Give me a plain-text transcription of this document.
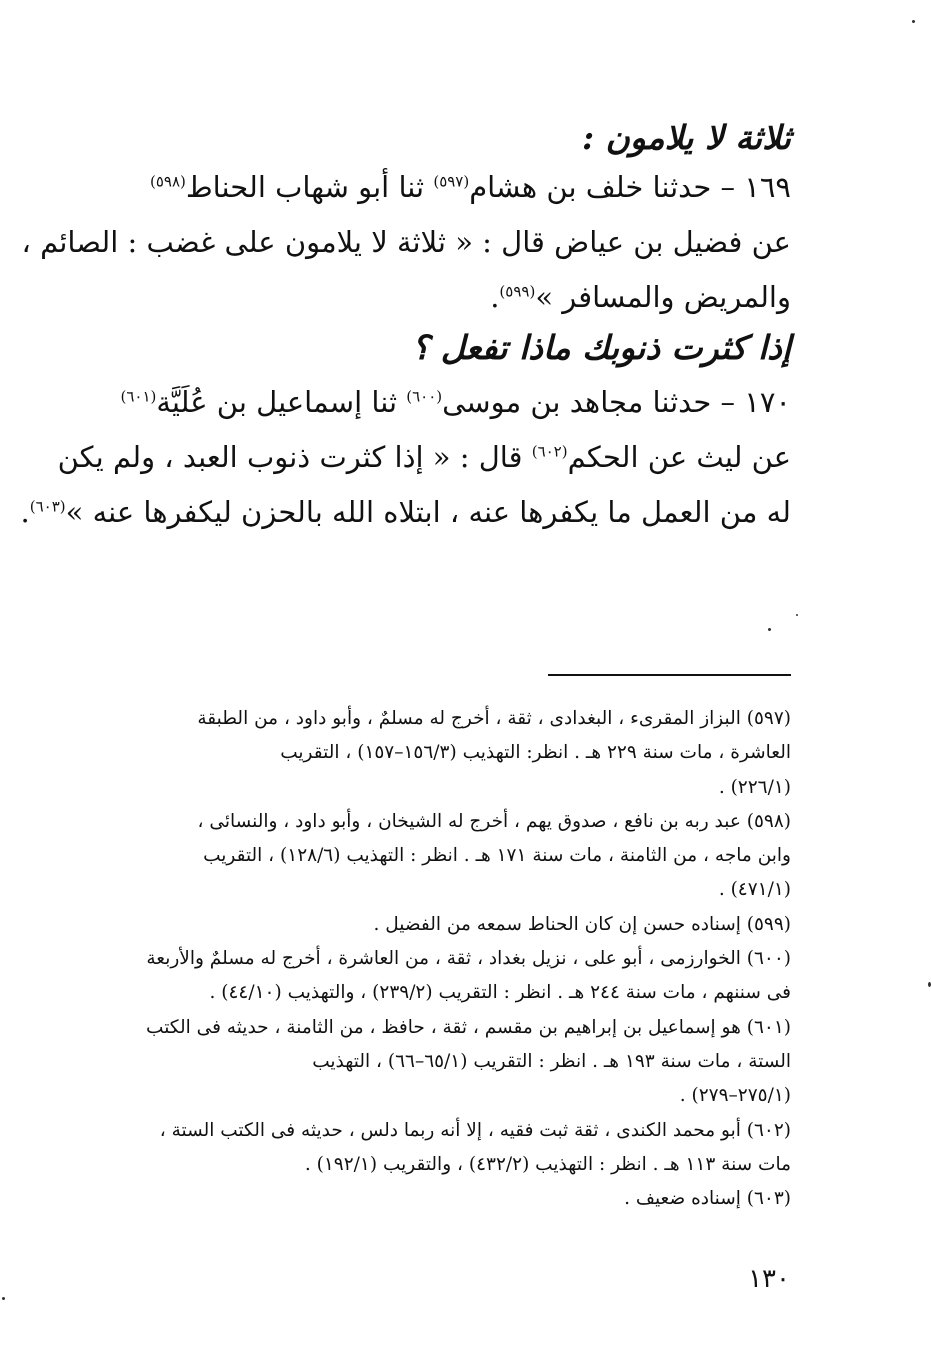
ثلاثة لا يلامون :
١٦٩ – حدثنا خلف بن هشام$^{(٥٩٧)}$ ثنا أبو شهاب الحناط$^{(٥٩٨)}$
عن فضيل بن عياض قال : « ثلاثة لا يلامون على غضب : الصائم ،
والمريض والمسافر »$^{(٥٩٩)}$.
إذا كثرت ذنوبك ماذا تفعل ؟
١٧٠ – حدثنا مجاهد بن موسى$^{(٦٠٠)}$ ثنا إسماعيل بن عُلَيَّة$^{(٦٠١)}$
عن ليث عن الحكم$^{(٦٠٢)}$ قال : « إذا كثرت ذنوب العبد ، ولم يكن
له من العمل ما يكفرها عنه ، ابتلاه الله بالحزن ليكفرها عنه »$^{(٦٠٣)}$.
(٥٩٧) البزاز المقرىء ، البغدادى ، ثقة ، أخرج له مسلمٌ ، وأبو داود ، من الطبقة
العاشرة ، مات سنة ٢٢٩ هـ . انظر: التهذيب (١٥٦/٣–١٥٧) ، التقريب
(٢٢٦/١) .
(٥٩٨) عبد ربه بن نافع ، صدوق يهم ، أخرج له الشيخان ، وأبو داود ، والنسائى ،
وابن ماجه ، من الثامنة ، مات سنة ١٧١ هـ . انظر : التهذيب (١٢٨/٦) ، التقريب
(٤٧١/١) .
(٥٩٩) إسناده حسن إن كان الحناط سمعه من الفضيل .
(٦٠٠) الخوارزمى ، أبو على ، نزيل بغداد ، ثقة ، من العاشرة ، أخرج له مسلمٌ والأربعة
فى سننهم ، مات سنة ٢٤٤ هـ . انظر : التقريب (٢٣٩/٢) ، والتهذيب (٤٤/١٠) .
(٦٠١) هو إسماعيل بن إبراهيم بن مقسم ، ثقة ، حافظ ، من الثامنة ، حديثه فى الكتب
الستة ، مات سنة ١٩٣ هـ . انظر : التقريب (٦٥/١–٦٦) ، التهذيب
(٢٧٥/١–٢٧٩) .
(٦٠٢) أبو محمد الكندى ، ثقة ثبت فقيه ، إلا أنه ربما دلس ، حديثه فى الكتب الستة ،
مات سنة ١١٣ هـ . انظر : التهذيب (٤٣٢/٢) ، والتقريب (١٩٢/١) .
(٦٠٣) إسناده ضعيف .
١٣٠
